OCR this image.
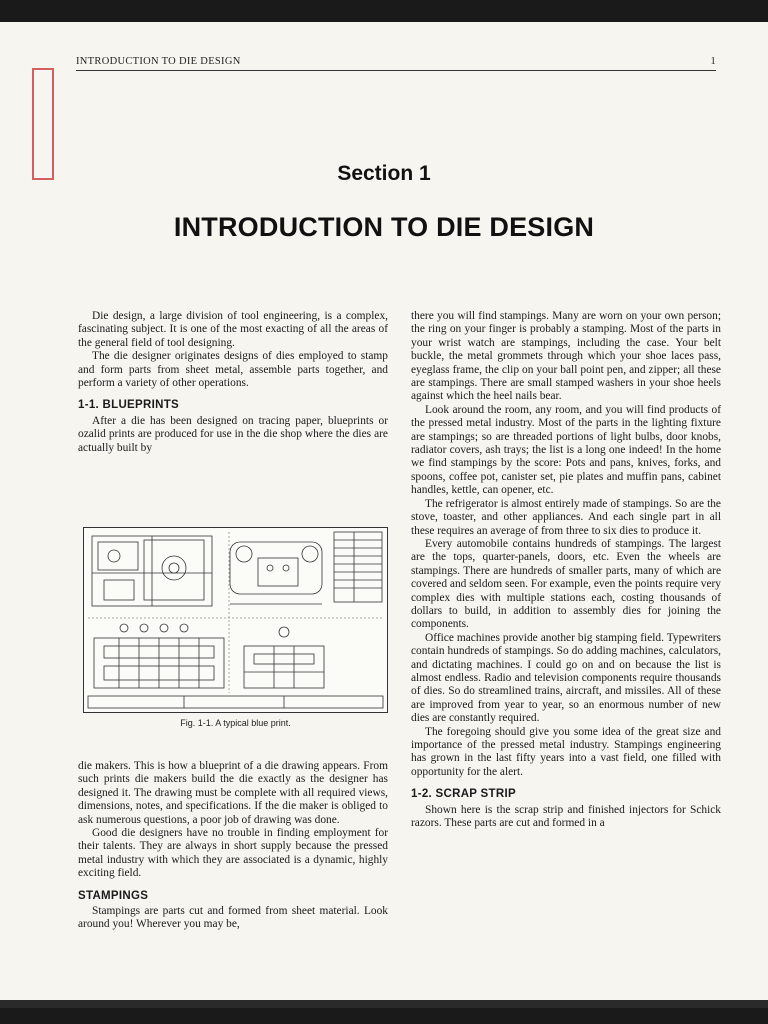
INTRODUCTION TO DIE DESIGN	1
Section 1
INTRODUCTION TO DIE DESIGN

Die design, a large division of tool engineering, is a complex, fascinating subject. It is one of the most exacting of all the areas of the general field of tool designing.

The die designer originates designs of dies employed to stamp and form parts from sheet metal, assemble parts together, and perform a variety of other operations.

1-1. BLUEPRINTS

After a die has been designed on tracing paper, blueprints or ozalid prints are produced for use in the die shop where the dies are actually built by

Fig. 1-1. A typical blue print.

die makers. This is how a blueprint of a die drawing appears. From such prints die makers build the die exactly as the designer has designed it. The drawing must be complete with all required views, dimensions, notes, and specifications. If the die maker is obliged to ask numerous questions, a poor job of drawing was done.

Good die designers have no trouble in finding employment for their talents. They are always in short supply because the pressed metal industry with which they are associated is a dynamic, highly exciting field.

STAMPINGS

Stampings are parts cut and formed from sheet material. Look around you! Wherever you may be,

there you will find stampings. Many are worn on your own person; the ring on your finger is probably a stamping. Most of the parts in your wrist watch are stampings, including the case. Your belt buckle, the metal grommets through which your shoe laces pass, eyeglass frame, the clip on your ball point pen, and zipper; all these are stampings. There are small stamped washers in your shoe heels against which the heel nails bear.

Look around the room, any room, and you will find products of the pressed metal industry. Most of the parts in the lighting fixture are stampings; so are threaded portions of light bulbs, door knobs, radiator covers, ash trays; the list is a long one indeed! In the home we find stampings by the score: Pots and pans, knives, forks, and spoons, coffee pot, canister set, pie plates and muffin pans, cabinet handles, kettle, can opener, etc.

The refrigerator is almost entirely made of stampings. So are the stove, toaster, and other appliances. And each single part in all these requires an average of from three to six dies to produce it.

Every automobile contains hundreds of stampings. The largest are the tops, quarter-panels, doors, etc. Even the wheels are stampings. There are hundreds of smaller parts, many of which are covered and seldom seen. For example, even the points require very complex dies with multiple stations each, costing thousands of dollars to build, in addition to assembly dies for joining the components.

Office machines provide another big stamping field. Typewriters contain hundreds of stampings. So do adding machines, calculators, and dictating machines. I could go on and on because the list is almost endless. Radio and television components require thousands of dies. So do streamlined trains, aircraft, and missiles. All of these are improved from year to year, so an enormous number of new dies are constantly required.

The foregoing should give you some idea of the great size and importance of the pressed metal industry. Stampings engineering has grown in the last fifty years into a vast field, one filled with opportunity for the alert.

1-2. SCRAP STRIP

Shown here is the scrap strip and finished injectors for Schick razors. These parts are cut and formed in a
